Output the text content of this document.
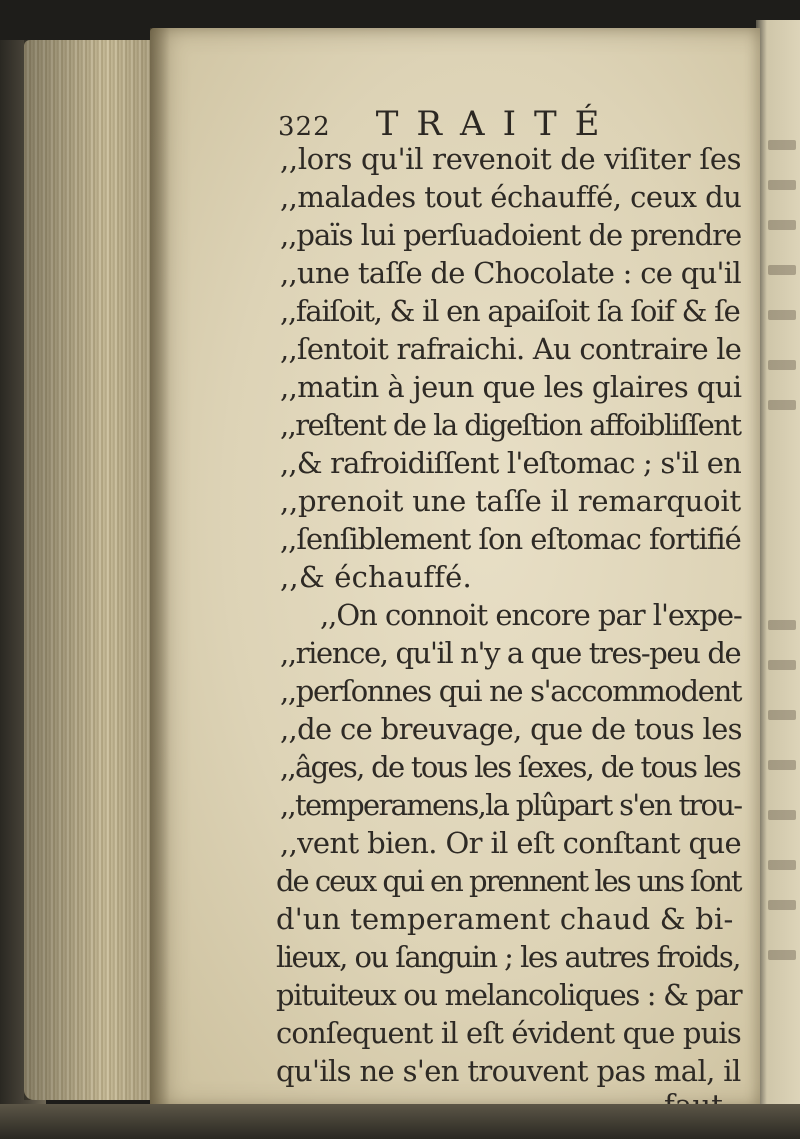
322 TRAITÉ
,,lors qu'il revenoit de viſiter ſes
,,malades tout échauffé, ceux du
,,païs lui perſuadoient de prendre
,,une taſſe de Chocolate : ce qu'il
,,faiſoit, & il en apaiſoit ſa ſoif & ſe
,,ſentoit rafraichi. Au contraire le
,,matin à jeun que les glaires qui
,,reſtent de la digeſtion affoibliſſent
,,& rafroidiſſent l'eſtomac ; s'il en
,,prenoit une taſſe il remarquoit
,,ſenſiblement ſon eſtomac fortifié
,,& échauffé.
,,On connoit encore par l'expe-
,,rience, qu'il n'y a que tres-peu de
,,perſonnes qui ne s'accommodent
,,de ce breuvage, que de tous les
,,âges, de tous les ſexes, de tous les
,,temperamens,la plûpart s'en trou-
,,vent bien. Or il eſt conſtant que
de ceux qui en prennent les uns ſont
d'un temperament chaud & bi-
lieux, ou ſanguin ; les autres froids,
pituiteux ou melancoliques : & par
conſequent il eſt évident que puis
qu'ils ne s'en trouvent pas mal, il
